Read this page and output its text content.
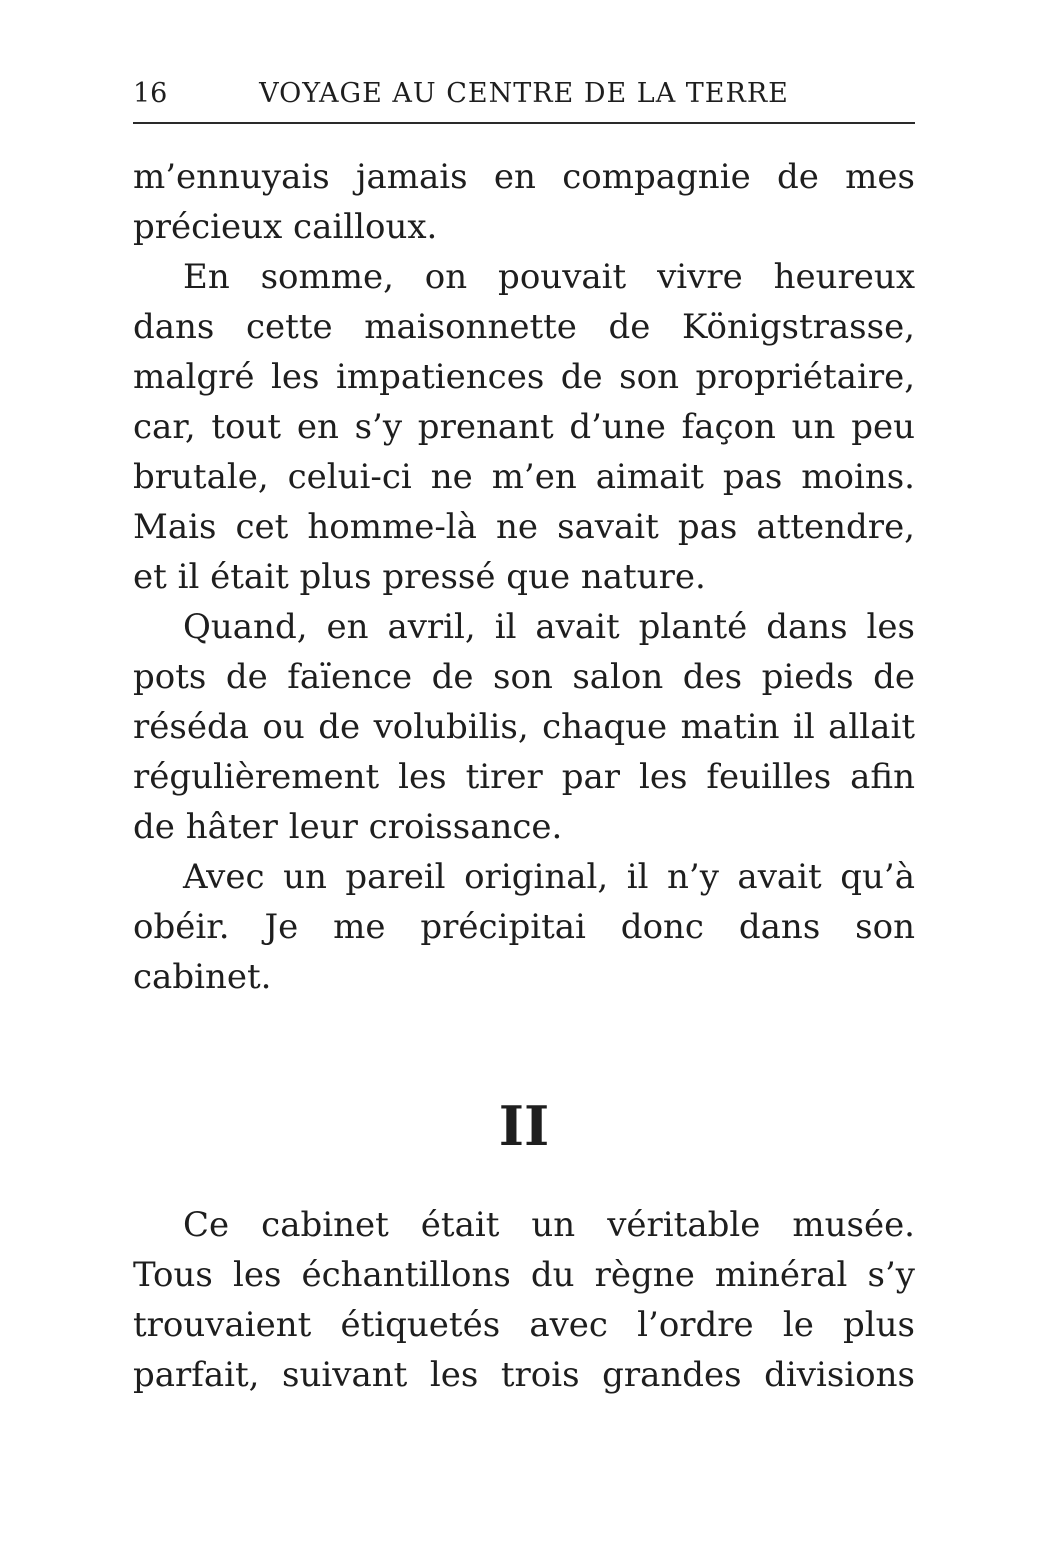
16	VOYAGE AU CENTRE DE LA TERRE
m’ennuyais jamais en compagnie de mes
précieux cailloux.
En somme, on pouvait vivre heureux
dans cette maisonnette de Königstrasse,
malgré les impatiences de son propriétaire,
car, tout en s’y prenant d’une façon un peu
brutale, celui-ci ne m’en aimait pas moins.
Mais cet homme-là ne savait pas attendre,
et il était plus pressé que nature.
Quand, en avril, il avait planté dans les
pots de faïence de son salon des pieds de
réséda ou de volubilis, chaque matin il allait
régulièrement les tirer par les feuilles afin
de hâter leur croissance.
Avec un pareil original, il n’y avait qu’à
obéir. Je me précipitai donc dans son
cabinet.
II
Ce cabinet était un véritable musée.
Tous les échantillons du règne minéral s’y
trouvaient étiquetés avec l’ordre le plus
parfait, suivant les trois grandes divisions
